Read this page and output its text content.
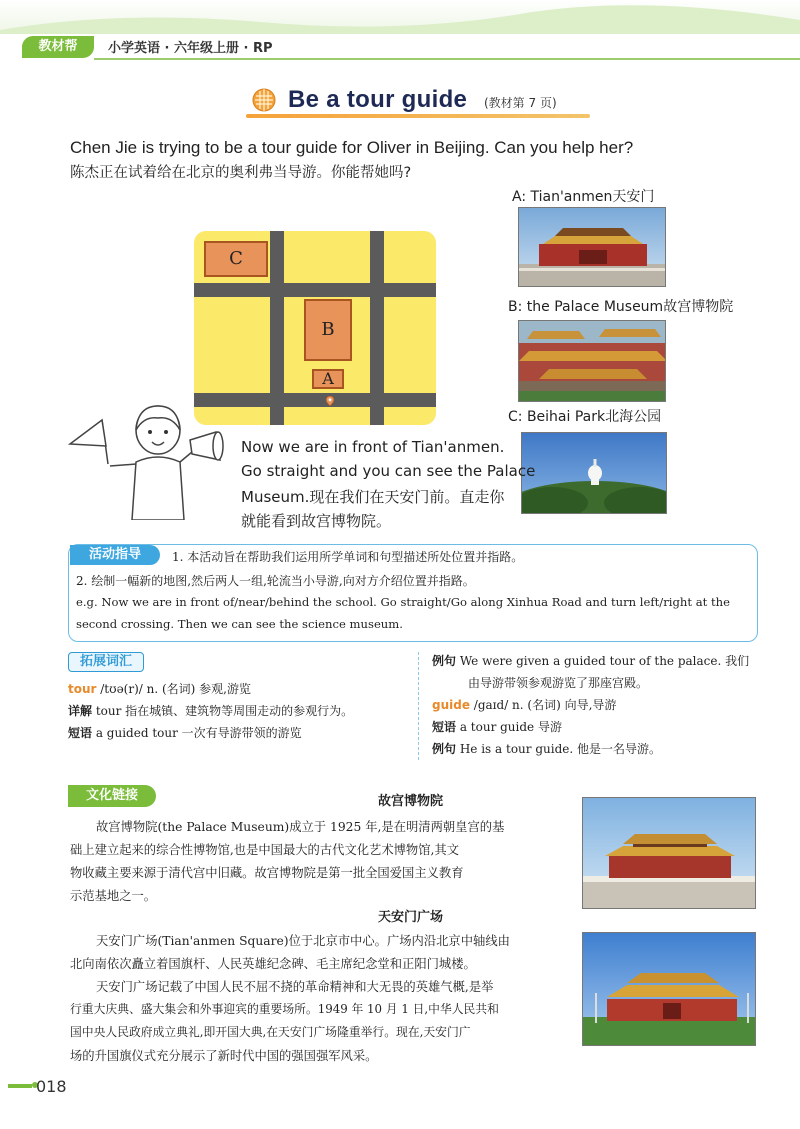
教材帮	小学英语 · 六年级上册 · RP
Be a tour guide (教材第 7 页)
Chen Jie is trying to be a tour guide for Oliver in Beijing. Can you help her?
陈杰正在试着给在北京的奥利弗当导游。你能帮她吗?
C
B
A
A: Tian'anmen天安门
B: the Palace Museum故宫博物院
C: Beihai Park北海公园
Now we are in front of Tian'anmen.
Go straight and you can see the Palace
Museum.现在我们在天安门前。直走你
就能看到故宫博物院。
活动指导	1. 本活动旨在帮助我们运用所学单词和句型描述所处位置并指路。
2. 绘制一幅新的地图,然后两人一组,轮流当小导游,向对方介绍位置并指路。
e.g. Now we are in front of/near/behind the school. Go straight/Go along Xinhua Road and turn left/right at the
second crossing. Then we can see the science museum.
拓展词汇
tour /tʊə(r)/ n. (名词) 参观,游览
详解 tour 指在城镇、建筑物等周围走动的参观行为。
短语 a guided tour 一次有导游带领的游览
例句 We were given a guided tour of the palace. 我们
由导游带领参观游览了那座宫殿。
guide /gaɪd/ n. (名词) 向导,导游
短语 a tour guide 导游
例句 He is a tour guide. 他是一名导游。
文化链接	故宫博物院
故宫博物院(the Palace Museum)成立于 1925 年,是在明清两朝皇宫的基
础上建立起来的综合性博物馆,也是中国最大的古代文化艺术博物馆,其文
物收藏主要来源于清代宫中旧藏。故宫博物院是第一批全国爱国主义教育
示范基地之一。
天安门广场
天安门广场(Tian'anmen Square)位于北京市中心。广场内沿北京中轴线由
北向南依次矗立着国旗杆、人民英雄纪念碑、毛主席纪念堂和正阳门城楼。
天安门广场记载了中国人民不屈不挠的革命精神和大无畏的英雄气概,是举
行重大庆典、盛大集会和外事迎宾的重要场所。1949 年 10 月 1 日,中华人民共和
国中央人民政府成立典礼,即开国大典,在天安门广场隆重举行。现在,天安门广
场的升国旗仪式充分展示了新时代中国的强国强军风采。
018
